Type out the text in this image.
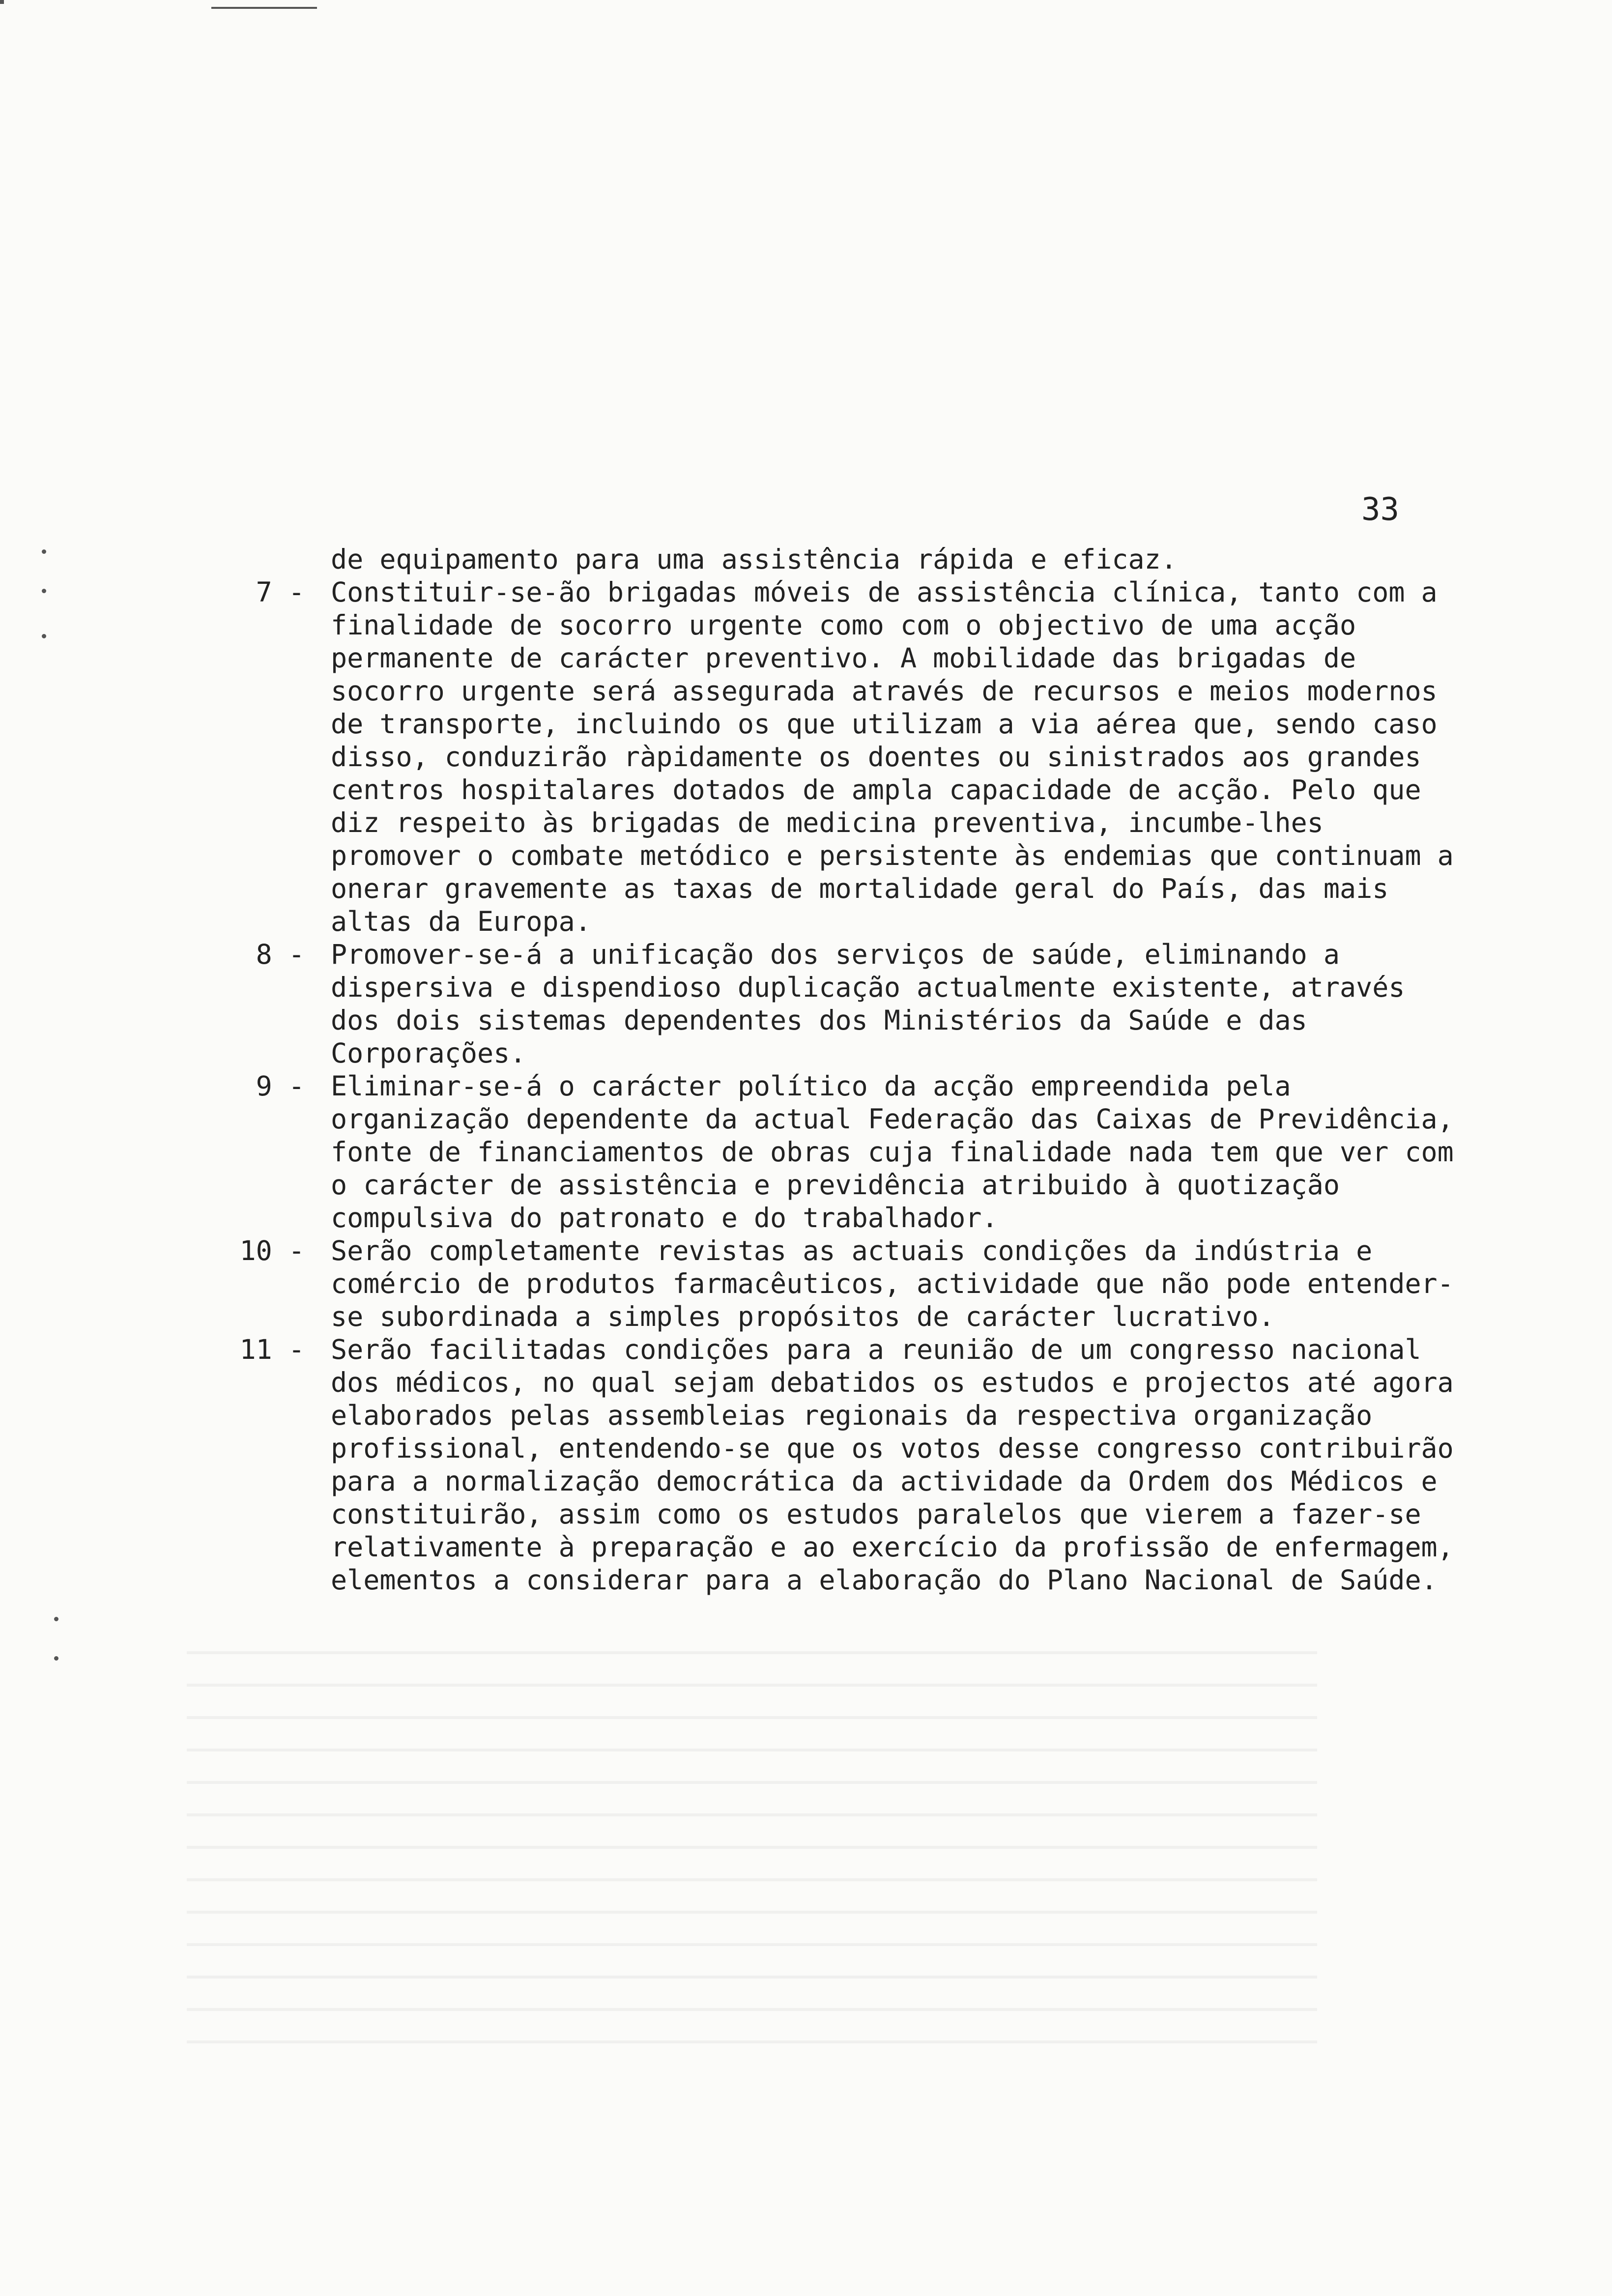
33

de equipamento para uma assistência rápida e eficaz.

7 - Constituir-se-ão brigadas móveis de assistência clínica, tanto com a finalidade de socorro urgente como com o objectivo de uma acção permanente de carácter preventivo. A mobilidade das brigadas de socorro urgente será assegurada através de recursos e meios modernos de transporte, incluindo os que utilizam a via aérea que, sendo caso disso, conduzirão ràpidamente os doentes ou sinistrados aos grandes centros hospitalares dotados de ampla capacidade de acção. Pelo que diz respeito às brigadas de medicina preventiva, incumbe-lhes promover o combate metódico e persistente às endemias que continuam a onerar gravemente as taxas de mortalidade geral do País, das mais altas da Europa.

8 - Promover-se-á a unificação dos serviços de saúde, eliminando a dispersiva e dispendioso duplicação actualmente existente, através dos dois sistemas dependentes dos Ministérios da Saúde e das Corporações.

9 - Eliminar-se-á o carácter político da acção empreendida pela organização dependente da actual Federação das Caixas de Previdência, fonte de financiamentos de obras cuja finalidade nada tem que ver com o carácter de assistência e previdência atribuido à quotização compulsiva do patronato e do trabalhador.

10 - Serão completamente revistas as actuais condições da indústria e comércio de produtos farmacêuticos, actividade que não pode entender-se subordinada a simples propósitos de carácter lucrativo.

11 - Serão facilitadas condições para a reunião de um congresso nacional dos médicos, no qual sejam debatidos os estudos e projectos até agora elaborados pelas assembleias regionais da respectiva organização profissional, entendendo-se que os votos desse congresso contribuirão para a normalização democrática da actividade da Ordem dos Médicos e constituirão, assim como os estudos paralelos que vierem a fazer-se relativamente à preparação e ao exercício da profissão de enfermagem, elementos a considerar para a elaboração do Plano Nacional de Saúde.
